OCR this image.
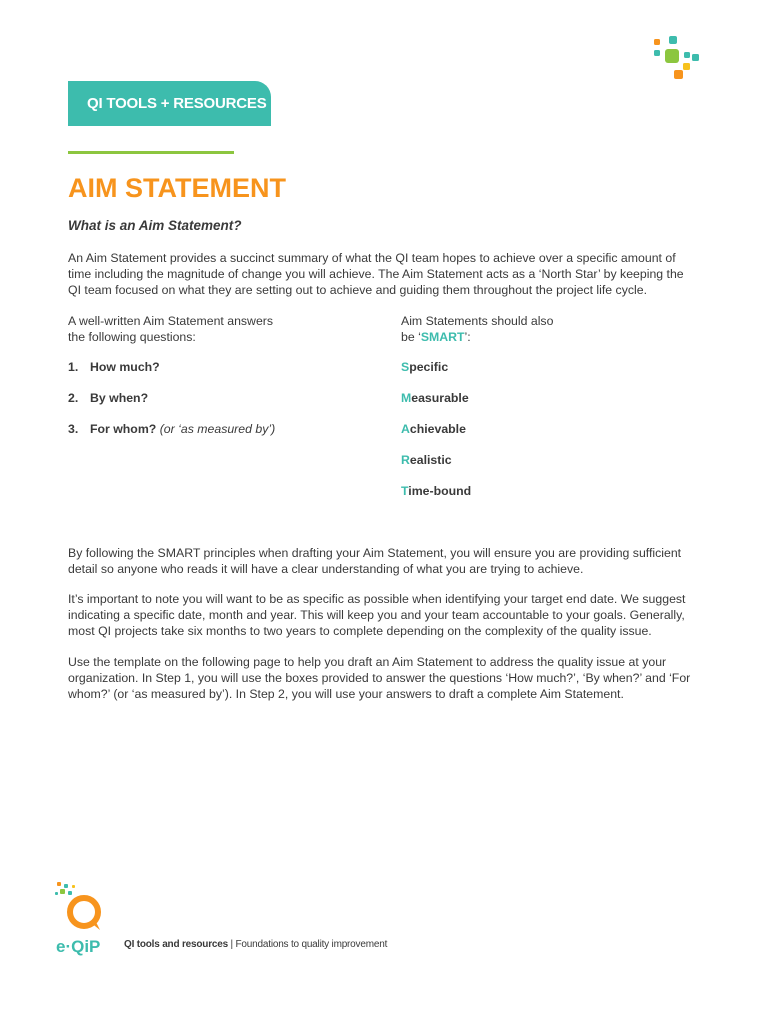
QI TOOLS + RESOURCES
AIM STATEMENT
What is an Aim Statement?

An Aim Statement provides a succinct summary of what the QI team hopes to achieve over a specific amount of time including the magnitude of change you will achieve. The Aim Statement acts as a ‘North Star’ by keeping the QI team focused on what they are setting out to achieve and guiding them throughout the project life cycle.

A well-written Aim Statement answers
the following questions:
1. How much?
2. By when?
3. For whom? (or ‘as measured by’)
Aim Statements should also
be ‘SMART’:
Specific
Measurable
Achievable
Realistic
Time-bound

By following the SMART principles when drafting your Aim Statement, you will ensure you are providing sufficient detail so anyone who reads it will have a clear understanding of what you are trying to achieve.

It’s important to note you will want to be as specific as possible when identifying your target end date. We suggest indicating a specific date, month and year. This will keep you and your team accountable to your goals. Generally, most QI projects take six months to two years to complete depending on the complexity of the quality issue.

Use the template on the following page to help you draft an Aim Statement to address the quality issue at your organization. In Step 1, you will use the boxes provided to answer the questions ‘How much?’, ‘By when?’ and ‘For whom?’ (or ‘as measured by’). In Step 2, you will use your answers to draft a complete Aim Statement.

e·QiP QI tools and resources | Foundations to quality improvement
